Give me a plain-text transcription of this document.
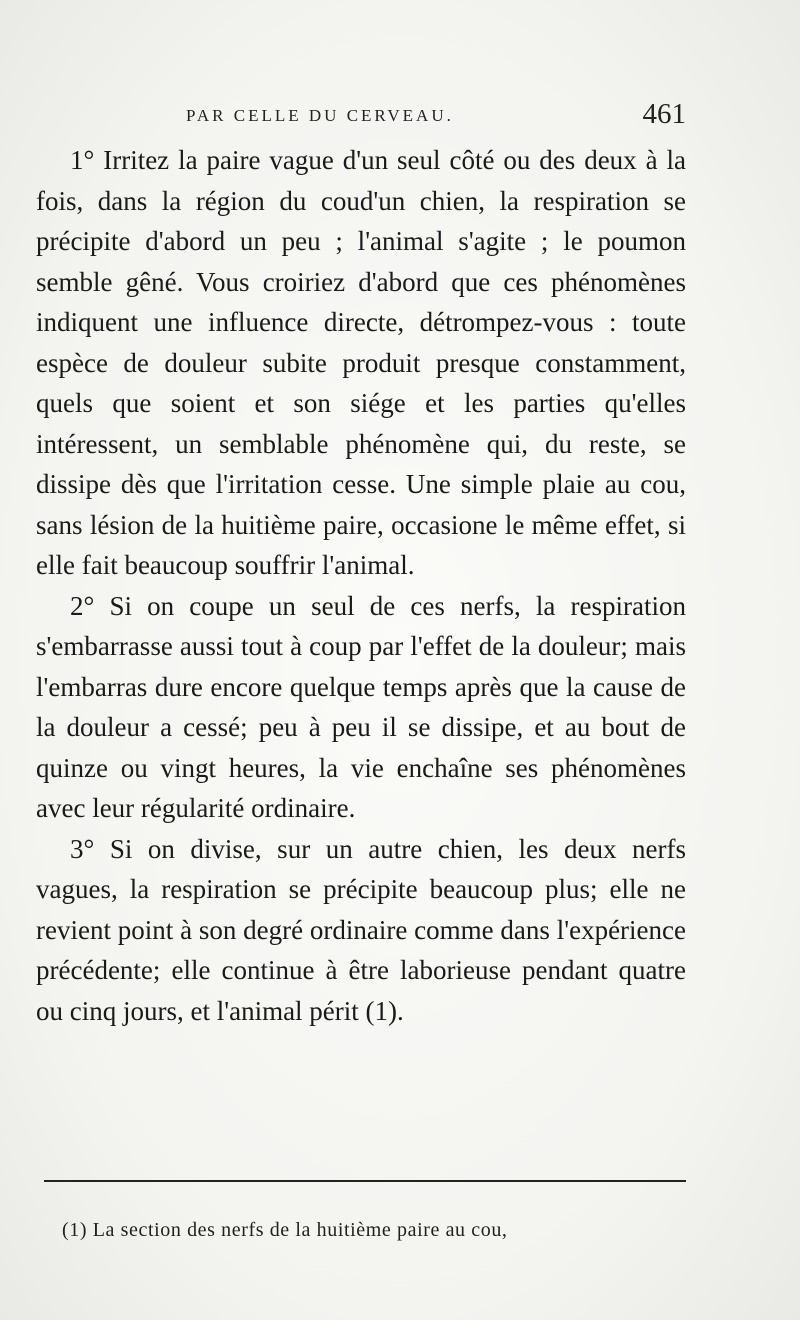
PAR CELLE DU CERVEAU.	461

1° Irritez la paire vague d'un seul côté ou des deux à la fois, dans la région du coud'un chien, la respiration se précipite d'abord un peu ; l'animal s'agite ; le poumon semble gêné. Vous croiriez d'abord que ces phénomènes indiquent une influence directe, détrompez-vous : toute espèce de douleur subite produit presque constamment, quels que soient et son siége et les parties qu'elles intéressent, un semblable phénomène qui, du reste, se dissipe dès que l'irritation cesse. Une simple plaie au cou, sans lésion de la huitième paire, occasione le même effet, si elle fait beaucoup souffrir l'animal.

2° Si on coupe un seul de ces nerfs, la respiration s'embarrasse aussi tout à coup par l'effet de la douleur; mais l'embarras dure encore quelque temps après que la cause de la douleur a cessé; peu à peu il se dissipe, et au bout de quinze ou vingt heures, la vie enchaîne ses phénomènes avec leur régularité ordinaire.

3° Si on divise, sur un autre chien, les deux nerfs vagues, la respiration se précipite beaucoup plus; elle ne revient point à son degré ordinaire comme dans l'expérience précédente; elle continue à être laborieuse pendant quatre ou cinq jours, et l'animal périt (1).

(1) La section des nerfs de la huitième paire au cou,
